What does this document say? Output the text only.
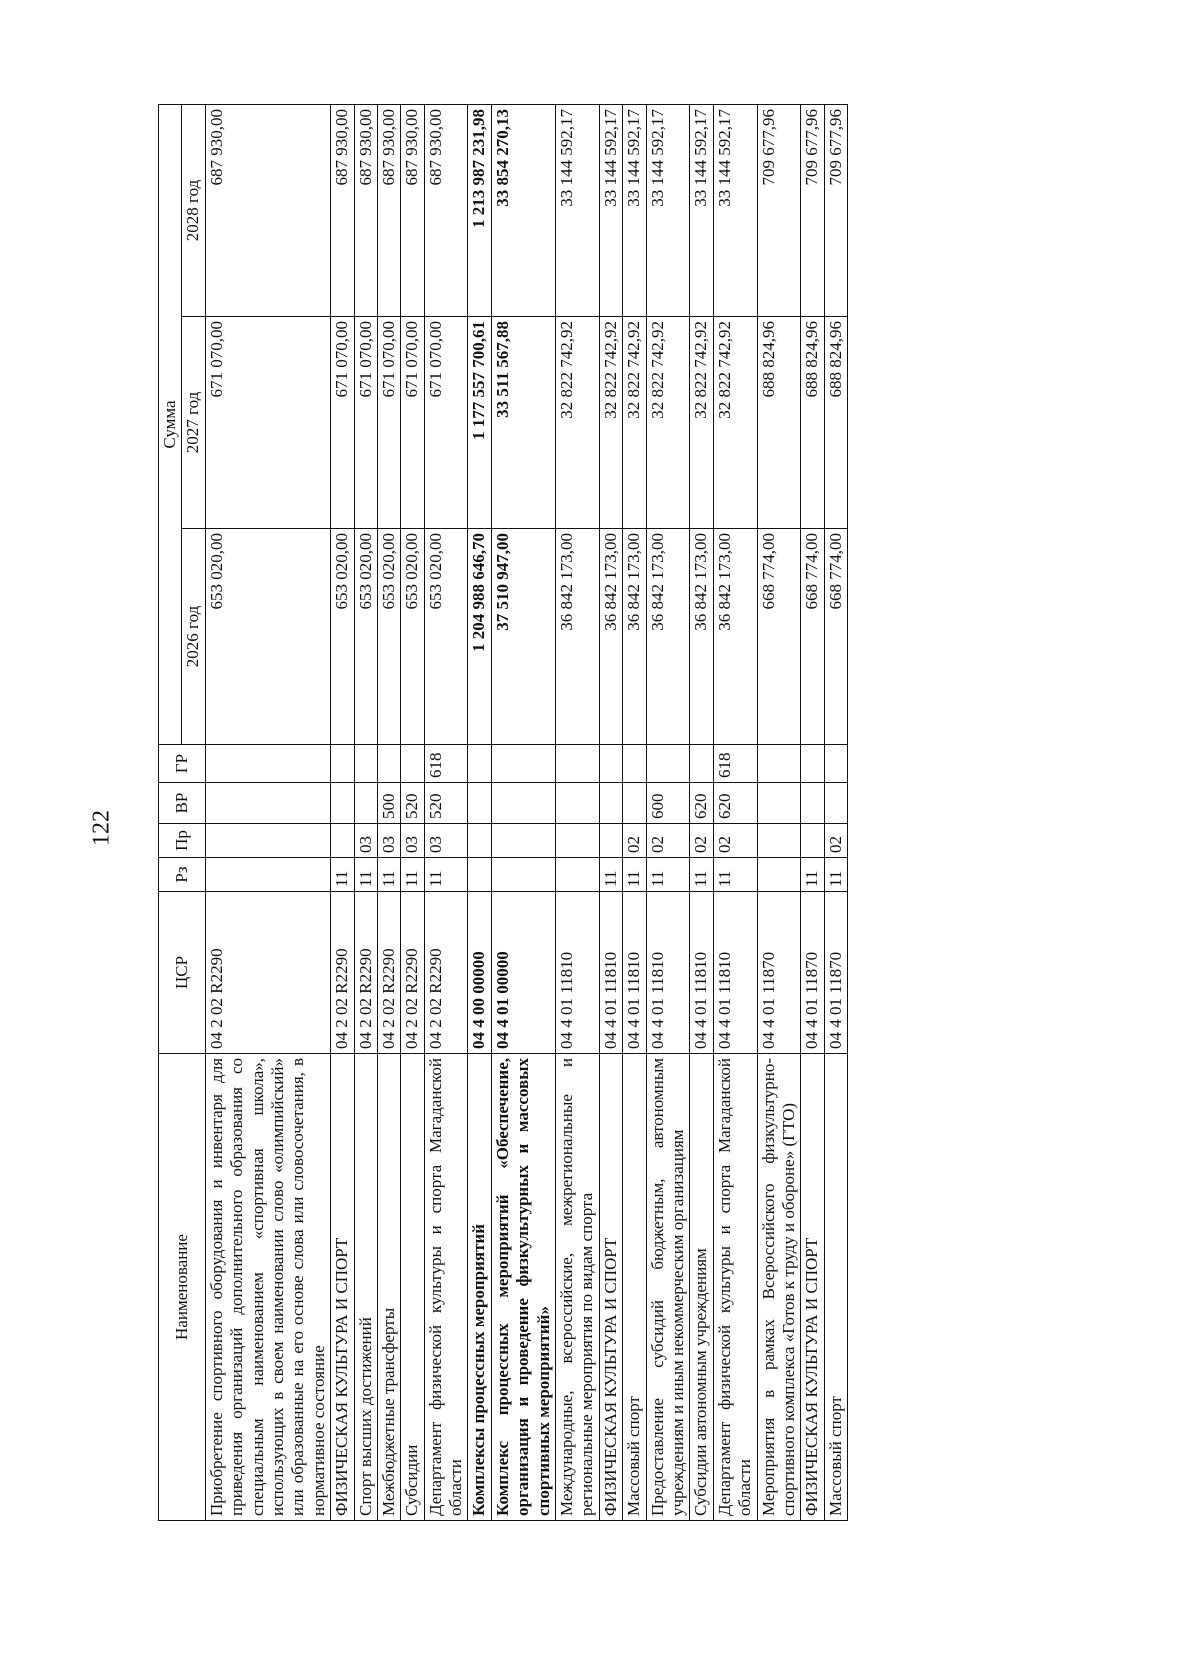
122
Наименование	ЦСР	Рз	Пр	ВР	ГР	Сумма		
						2026 год	2027 год	2028 год
Приобретение спортивного оборудования и инвентаря для приведения организаций дополнительного образования со специальным наименованием «спортивная школа», использующих в своем наименовании слово «олимпийский» или образованные на его основе слова или словосочетания, в нормативное состояние	04 2 02 R2290					653 020,00	671 070,00	687 930,00
ФИЗИЧЕСКАЯ КУЛЬТУРА И СПОРТ	04 2 02 R2290	11				653 020,00	671 070,00	687 930,00
Спорт высших достижений	04 2 02 R2290	11	03			653 020,00	671 070,00	687 930,00
Межбюджетные трансферты	04 2 02 R2290	11	03	500		653 020,00	671 070,00	687 930,00
Субсидии	04 2 02 R2290	11	03	520		653 020,00	671 070,00	687 930,00
Департамент физической культуры и спорта Магаданской области	04 2 02 R2290	11	03	520	618	653 020,00	671 070,00	687 930,00
Комплексы процессных мероприятий	04 4 00 00000					1 204 988 646,70	1 177 557 700,61	1 213 987 231,98
Комплекс процессных мероприятий «Обеспечение, организация и проведение физкультурных и массовых спортивных мероприятий»	04 4 01 00000					37 510 947,00	33 511 567,88	33 854 270,13
Международные, всероссийские, межрегиональные и региональные мероприятия по видам спорта	04 4 01 11810					36 842 173,00	32 822 742,92	33 144 592,17
ФИЗИЧЕСКАЯ КУЛЬТУРА И СПОРТ	04 4 01 11810	11				36 842 173,00	32 822 742,92	33 144 592,17
Массовый спорт	04 4 01 11810	11	02			36 842 173,00	32 822 742,92	33 144 592,17
Предоставление субсидий бюджетным, автономным учреждениям и иным некоммерческим организациям	04 4 01 11810	11	02	600		36 842 173,00	32 822 742,92	33 144 592,17
Субсидии автономным учреждениям	04 4 01 11810	11	02	620		36 842 173,00	32 822 742,92	33 144 592,17
Департамент физической культуры и спорта Магаданской области	04 4 01 11810	11	02	620	618	36 842 173,00	32 822 742,92	33 144 592,17
Мероприятия в рамках Всероссийского физкультурно-спортивного комплекса «Готов к труду и обороне» (ГТО)	04 4 01 11870					668 774,00	688 824,96	709 677,96
ФИЗИЧЕСКАЯ КУЛЬТУРА И СПОРТ	04 4 01 11870	11				668 774,00	688 824,96	709 677,96
Массовый спорт	04 4 01 11870	11	02			668 774,00	688 824,96	709 677,96
